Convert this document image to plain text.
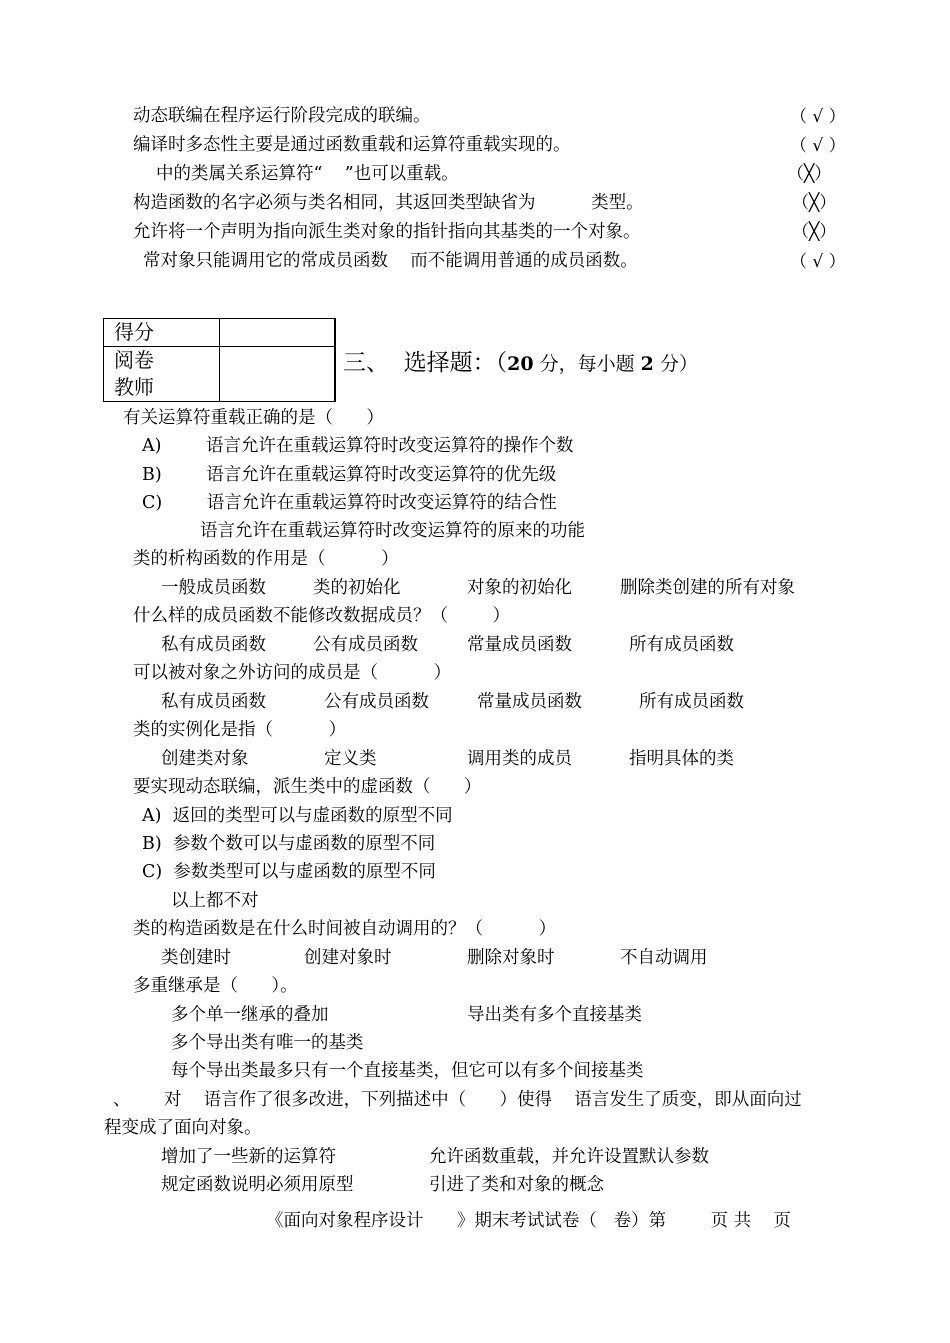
动态联编在程序运行阶段完成的联编。	（ √ ）
编译时多态性主要是通过函数重载和运算符重载实现的。	（ √ ）
中的类属关系运算符“    ”也可以重载。	（╳）
构造函数的名字必须与类名相同，其返回类型缺省为          类型。	（╳）
允许将一个声明为指向派生类对象的指针指向其基类的一个对象。	（╳）
常对象只能调用它的常成员函数    而不能调用普通的成员函数。	（ √ ）
得分	
阅卷
教师	
三、  选择题：（20 分，每小题 2 分）
有关运算符重载正确的是（      ）
A)        语言允许在重载运算符时改变运算符的操作个数
B)        语言允许在重载运算符时改变运算符的优先级
C)        语言允许在重载运算符时改变运算符的结合性
语言允许在重载运算符时改变运算符的原来的功能
类的析构函数的作用是（          ）
一般成员函数	类的初始化	对象的初始化	删除类创建的所有对象
什么样的成员函数不能修改数据成员？（        ）
私有成员函数	公有成员函数	常量成员函数	所有成员函数
可以被对象之外访问的成员是（          ）
私有成员函数	公有成员函数	常量成员函数	所有成员函数
类的实例化是指（          ）
创建类对象	定义类	调用类的成员	指明具体的类
要实现动态联编，派生类中的虚函数（      ）
A)  返回的类型可以与虚函数的原型不同
B)  参数个数可以与虚函数的原型不同
C)  参数类型可以与虚函数的原型不同
以上都不对
类的构造函数是在什么时间被自动调用的？（          ）
类创建时	创建对象时	删除对象时	不自动调用
多重继承是（      ）。
多个单一继承的叠加	导出类有多个直接基类
多个导出类有唯一的基类
每个导出类最多只有一个直接基类，但它可以有多个间接基类
、      对    语言作了很多改进，下列描述中（      ）使得    语言发生了质变，即从面向过
程变成了面向对象。
增加了一些新的运算符	允许函数重载，并允许设置默认参数
规定函数说明必须用原型	引进了类和对象的概念
《面向对象程序设计      》期末考试试卷（   卷）第        页 共    页
